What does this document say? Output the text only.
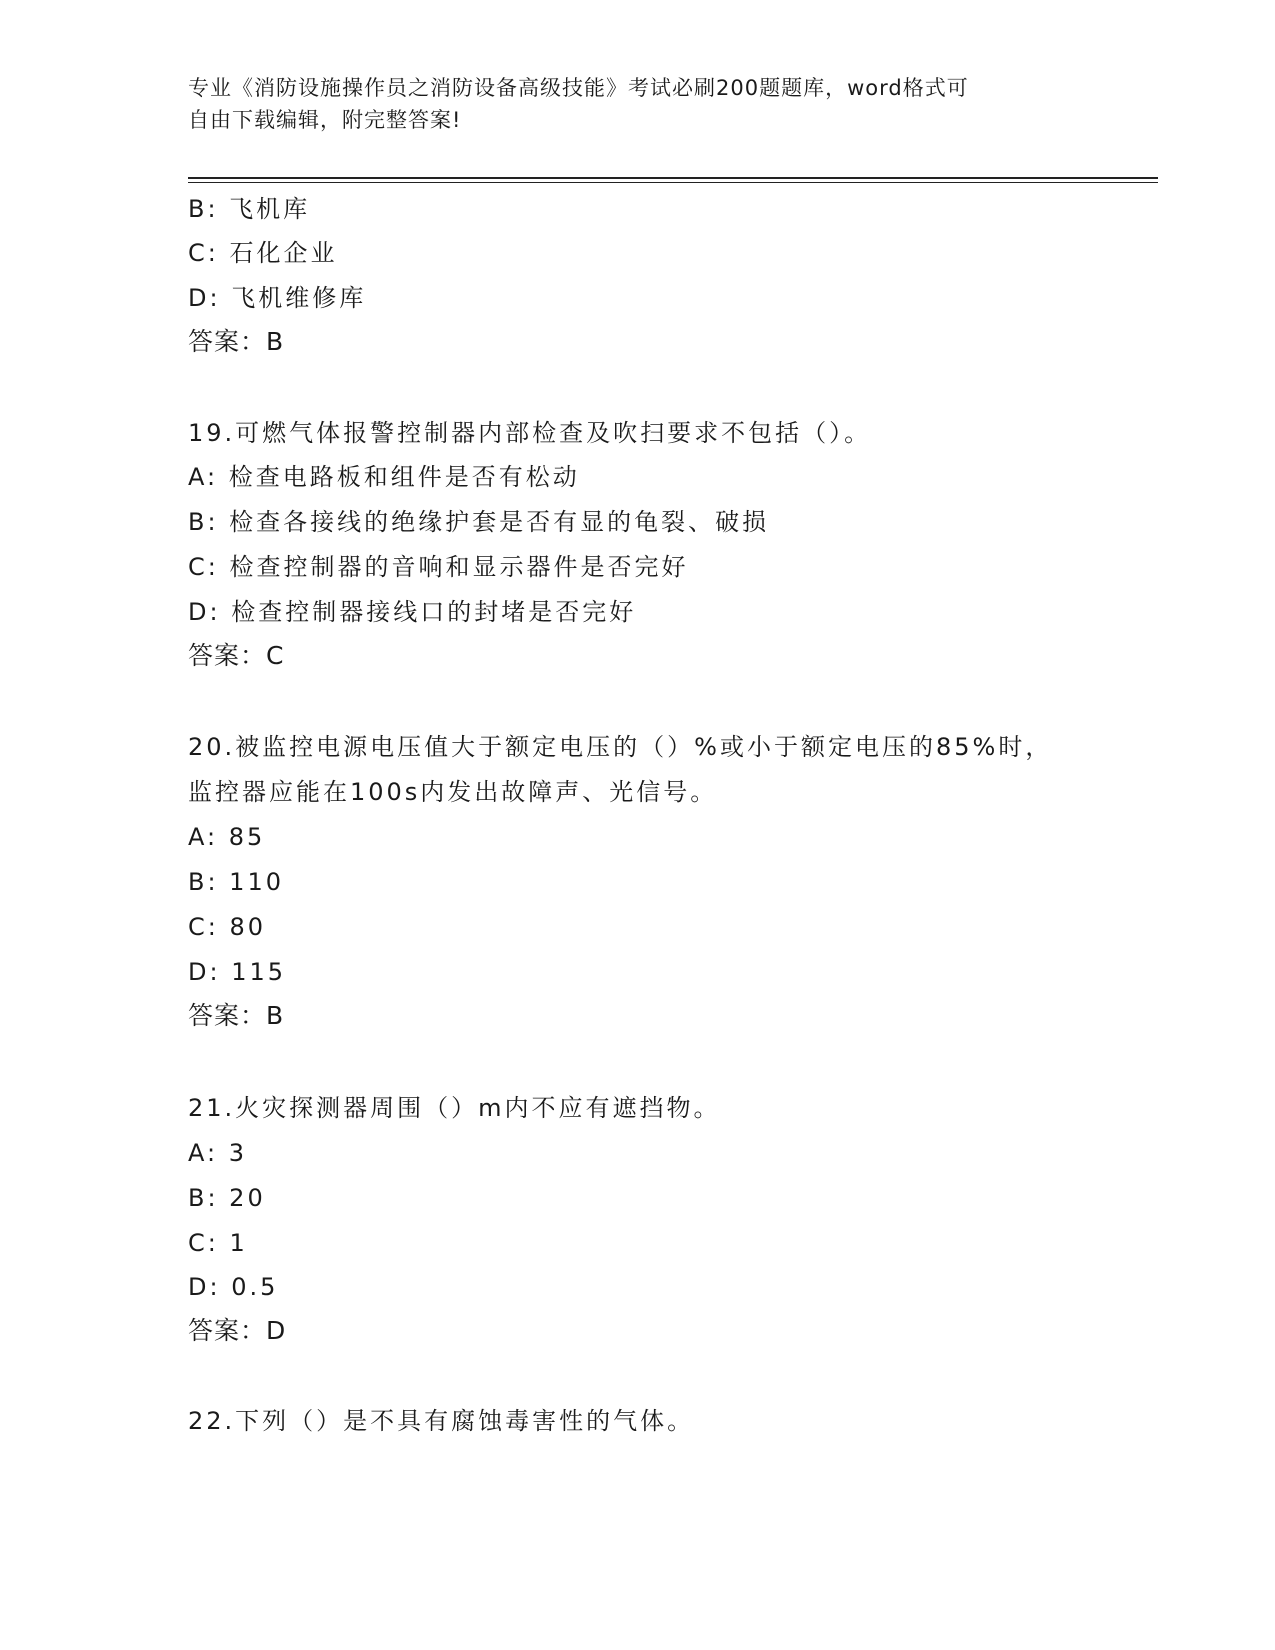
专业《消防设施操作员之消防设备高级技能》考试必刷200题题库，word格式可
自由下载编辑，附完整答案!
B: 飞机库
C: 石化企业
D: 飞机维修库
答案：B
19.可燃气体报警控制器内部检查及吹扫要求不包括（）。
A: 检查电路板和组件是否有松动
B: 检查各接线的绝缘护套是否有显的龟裂、破损
C: 检查控制器的音响和显示器件是否完好
D: 检查控制器接线口的封堵是否完好
答案：C
20.被监控电源电压值大于额定电压的（）%或小于额定电压的85%时，
监控器应能在100s内发出故障声、光信号。
A: 85
B: 110
C: 80
D: 115
答案：B
21.火灾探测器周围（）m内不应有遮挡物。
A: 3
B: 20
C: 1
D: 0.5
答案：D
22.下列（）是不具有腐蚀毒害性的气体。
